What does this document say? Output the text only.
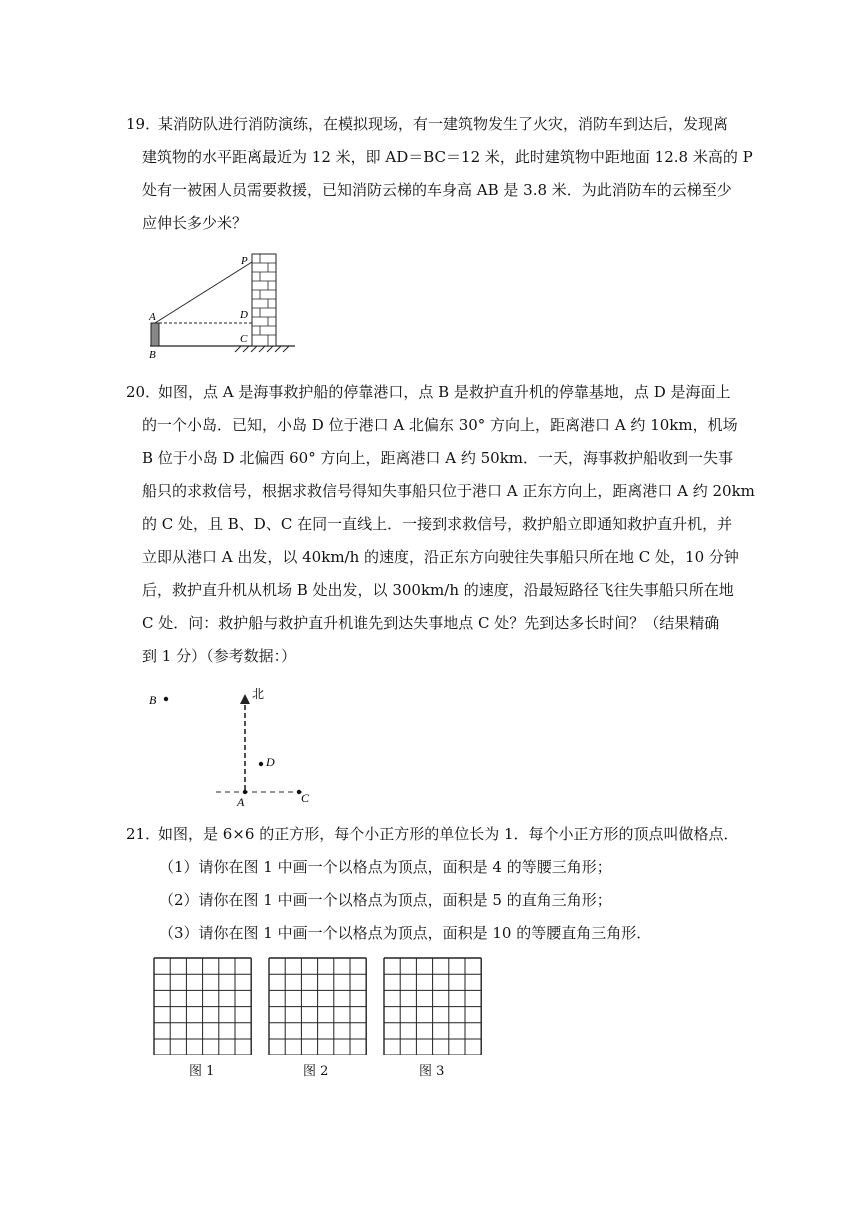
19．
某消防队进行消防演练，在模拟现场，有一建筑物发生了火灾，消防车到达后，发现离
建筑物的水平距离最近为 12 米，即 AD＝BC＝12 米，此时建筑物中距地面 12.8 米高的 P
处有一被困人员需要救援，已知消防云梯的车身高 AB 是 3.8 米．为此消防车的云梯至少
应伸长多少米？
P
A	D
C
B
20．
如图，点 A 是海事救护船的停靠港口，点 B 是救护直升机的停靠基地，点 D 是海面上
的一个小岛．已知，小岛 D 位于港口 A 北偏东 30° 方向上，距离港口 A 约 10km，机场
B 位于小岛 D 北偏西 60° 方向上，距离港口 A 约 50km．一天，海事救护船收到一失事
船只的求救信号，根据求救信号得知失事船只位于港口 A 正东方向上，距离港口 A 约 20km
的 C 处，且 B、D、C 在同一直线上．一接到求救信号，救护船立即通知救护直升机，并
立即从港口 A 出发，以 40km/h 的速度，沿正东方向驶往失事船只所在地 C 处，10 分钟
后，救护直升机从机场 B 处出发，以 300km/h 的速度，沿最短路径飞往失事船只所在地
C 处．问：救护船与救护直升机谁先到达失事地点 C 处？先到达多长时间？（结果精确
到 1 分）（参考数据：）
B	北
D
A	C
21．
如图，是 6×6 的正方形，每个小正方形的单位长为 1．每个小正方形的顶点叫做格点．
（1）请你在图 1 中画一个以格点为顶点，面积是 4 的等腰三角形；
（2）请你在图 1 中画一个以格点为顶点，面积是 5 的直角三角形；
（3）请你在图 1 中画一个以格点为顶点，面积是 10 的等腰直角三角形．
图 1	图 2	图 3
